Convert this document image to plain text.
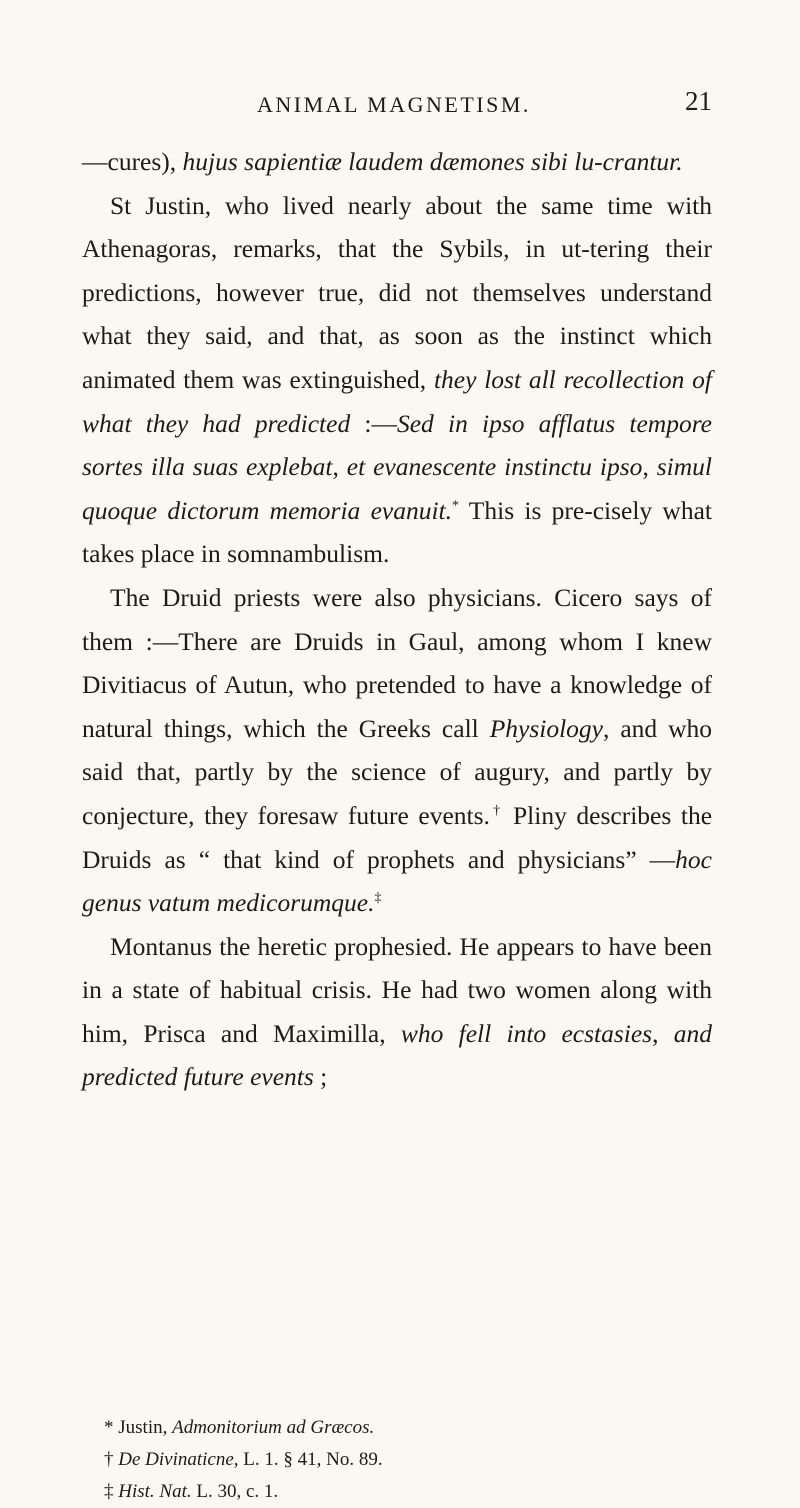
ANIMAL MAGNETISM.	21

—cures), hujus sapientiæ laudem dæmones sibi lu-crantur.

St Justin, who lived nearly about the same time with Athenagoras, remarks, that the Sybils, in ut-tering their predictions, however true, did not themselves understand what they said, and that, as soon as the instinct which animated them was extinguished, they lost all recollection of what they had predicted :—Sed in ipso afflatus tempore sortes illa suas explebat, et evanescente instinctu ipso, simul quoque dictorum memoria evanuit.* This is pre-cisely what takes place in somnambulism.

The Druid priests were also physicians. Cicero says of them :—There are Druids in Gaul, among whom I knew Divitiacus of Autun, who pretended to have a knowledge of natural things, which the Greeks call Physiology, and who said that, partly by the science of augury, and partly by conjecture, they foresaw future events.† Pliny describes the Druids as “ that kind of prophets and physicians” —hoc genus vatum medicorumque.‡

Montanus the heretic prophesied. He appears to have been in a state of habitual crisis. He had two women along with him, Prisca and Maximilla, who fell into ecstasies, and predicted future events ;

* Justin, Admonitorium ad Græcos.

† De Divinaticne, L. 1. § 41, No. 89.

‡ Hist. Nat. L. 30, c. 1.
